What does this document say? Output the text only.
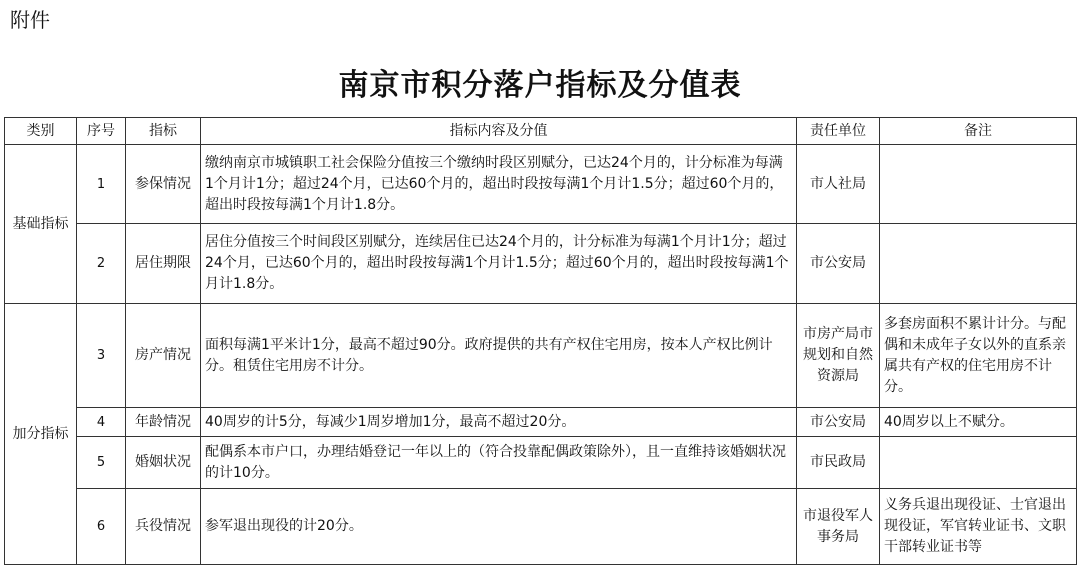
附件
南京市积分落户指标及分值表
类别	序号	指标	指标内容及分值	责任单位	备注
基础指标	1	参保情况	缴纳南京市城镇职工社会保险分值按三个缴纳时段区别赋分，已达24个月的，计分标准为每满1个月计1分；超过24个月，已达60个月的，超出时段按每满1个月计1.5分；超过60个月的，超出时段按每满1个月计1.8分。	市人社局	
	2	居住期限	居住分值按三个时间段区别赋分，连续居住已达24个月的，计分标准为每满1个月计1分；超过24个月，已达60个月的，超出时段按每满1个月计1.5分；超过60个月的，超出时段按每满1个月计1.8分。	市公安局	
加分指标	3	房产情况	面积每满1平米计1分，最高不超过90分。政府提供的共有产权住宅用房，按本人产权比例计分。租赁住宅用房不计分。	市房产局市规划和自然资源局	多套房面积不累计计分。与配偶和未成年子女以外的直系亲属共有产权的住宅用房不计分。
	4	年龄情况	40周岁的计5分，每减少1周岁增加1分，最高不超过20分。	市公安局	40周岁以上不赋分。
	5	婚姻状况	配偶系本市户口，办理结婚登记一年以上的（符合投靠配偶政策除外），且一直维持该婚姻状况的计10分。	市民政局	
	6	兵役情况	参军退出现役的计20分。	市退役军人事务局	义务兵退出现役证、士官退出现役证，军官转业证书、文职干部转业证书等
